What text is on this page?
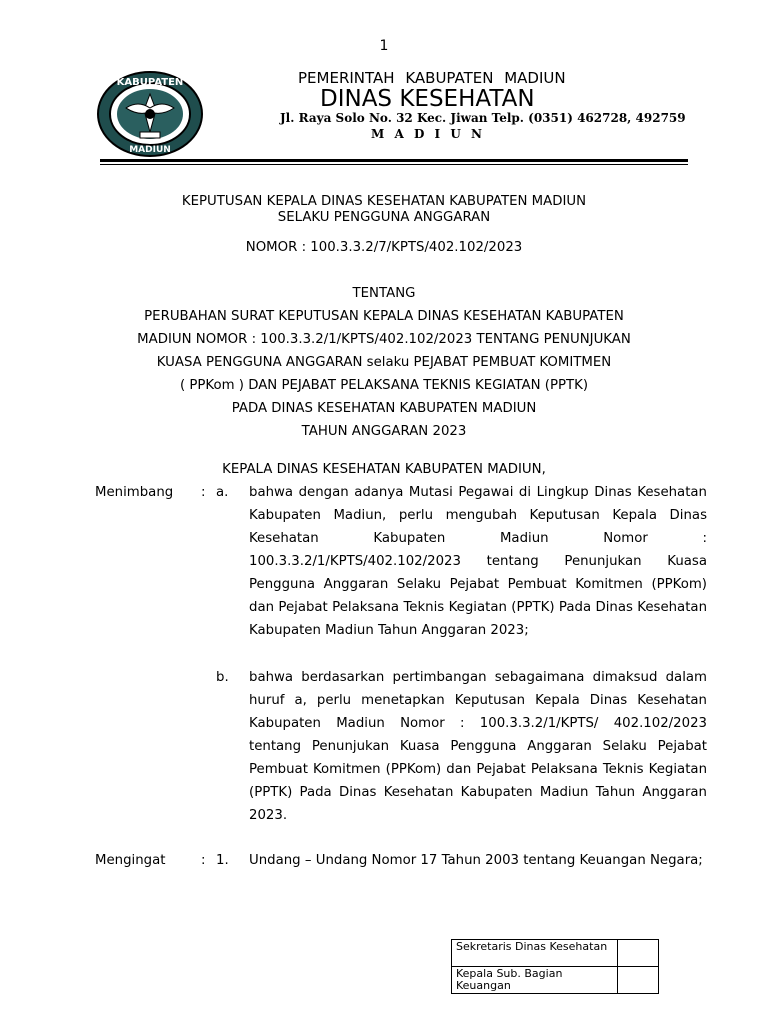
1
KABUPATEN
MADIUN
PEMERINTAH KABUPATEN MADIUN
DINAS KESEHATAN
Jl. Raya Solo No. 32 Kec. Jiwan Telp. (0351) 462728, 492759
M A D I U N
KEPUTUSAN KEPALA DINAS KESEHATAN KABUPATEN MADIUN
SELAKU PENGGUNA ANGGARAN
NOMOR : 100.3.3.2/7/KPTS/402.102/2023
TENTANG
PERUBAHAN SURAT KEPUTUSAN KEPALA DINAS KESEHATAN KABUPATEN
MADIUN NOMOR : 100.3.3.2/1/KPTS/402.102/2023 TENTANG PENUNJUKAN
KUASA PENGGUNA ANGGARAN selaku PEJABAT PEMBUAT KOMITMEN
( PPKom ) DAN PEJABAT PELAKSANA TEKNIS KEGIATAN (PPTK)
PADA DINAS KESEHATAN KABUPATEN MADIUN
TAHUN ANGGARAN 2023
KEPALA DINAS KESEHATAN KABUPATEN MADIUN,
Menimbang : a. bahwa dengan adanya Mutasi Pegawai di Lingkup Dinas Kesehatan Kabupaten Madiun, perlu mengubah Keputusan Kepala Dinas Kesehatan Kabupaten Madiun Nomor : 100.3.3.2/1/KPTS/402.102/2023 tentang Penunjukan Kuasa Pengguna Anggaran Selaku Pejabat Pembuat Komitmen (PPKom) dan Pejabat Pelaksana Teknis Kegiatan (PPTK) Pada Dinas Kesehatan Kabupaten Madiun Tahun Anggaran 2023;
b. bahwa berdasarkan pertimbangan sebagaimana dimaksud dalam huruf a, perlu menetapkan Keputusan Kepala Dinas Kesehatan Kabupaten Madiun Nomor : 100.3.3.2/1/KPTS/ 402.102/2023 tentang Penunjukan Kuasa Pengguna Anggaran Selaku Pejabat Pembuat Komitmen (PPKom) dan Pejabat Pelaksana Teknis Kegiatan (PPTK) Pada Dinas Kesehatan Kabupaten Madiun Tahun Anggaran 2023.
Mengingat	: 1. Undang – Undang Nomor 17 Tahun 2003 tentang Keuangan Negara;
Sekretaris Dinas Kesehatan	
Kepala Sub. Bagian Keuangan	
